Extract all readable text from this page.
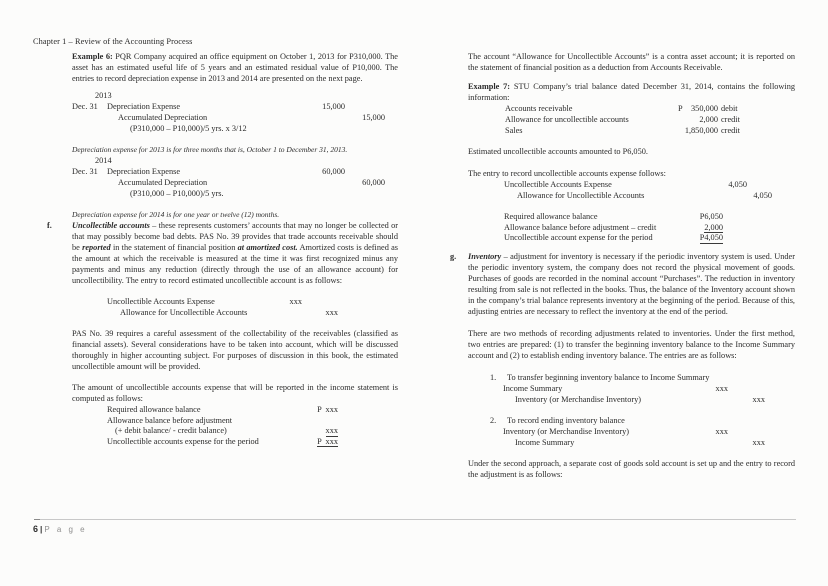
Chapter 1 – Review of the Accounting Process

Example 6: PQR Company acquired an office equipment on October 1, 2013 for P310,000. The asset has an estimated useful life of 5 years and an estimated residual value of P10,000. The entries to record depreciation expense in 2013 and 2014 are presented on the next page.

2013
Dec. 31 Depreciation Expense	15,000
Accumulated Depreciation	15,000
(P310,000 – P10,000)/5 yrs. x 3/12

Depreciation expense for 2013 is for three months that is, October 1 to December 31, 2013.

2014
Dec. 31 Depreciation Expense	60,000
Accumulated Depreciation	60,000
(P310,000 – P10,000)/5 yrs.

Depreciation expense for 2014 is for one year or twelve (12) months.

f. Uncollectible accounts – these represents customers’ accounts that may no longer be collected or that may possibly become bad debts. PAS No. 39 provides that trade accounts receivable should be reported in the statement of financial position at amortized cost. Amortized costs is defined as the amount at which the receivable is measured at the time it was first recognized minus any payments and minus any reduction (directly through the use of an allowance account) for uncollectibility. The entry to record estimated uncollectible account is as follows:

Uncollectible Accounts Expense	xxx
Allowance for Uncollectible Accounts	xxx

PAS No. 39 requires a careful assessment of the collectability of the receivables (classified as financial assets). Several considerations have to be taken into account, which will be discussed thoroughly in higher accounting subject. For purposes of discussion in this book, the estimated uncollectible amount will be provided.

The amount of uncollectible accounts expense that will be reported in the income statement is computed as follows:

Required allowance balance	P  xxx
Allowance balance before adjustment
(+ debit balance/ - credit balance)	xxx
Uncollectible accounts expense for the period	P  xxx

The account “Allowance for Uncollectible Accounts” is a contra asset account; it is reported on the statement of financial position as a deduction from Accounts Receivable.

Example 7: STU Company’s trial balance dated December 31, 2014, contains the following information:

Accounts receivable	P	350,000 debit
Allowance for uncollectible accounts	2,000 credit
Sales	1,850,000 credit

Estimated uncollectible accounts amounted to P6,050.

The entry to record uncollectible accounts expense follows:

Uncollectible Accounts Expense	4,050
Allowance for Uncollectible Accounts	4,050
Required allowance balance	P6,050
Allowance balance before adjustment – credit	2,000
Uncollectible account expense for the period	P4,050
g. Inventory – adjustment for inventory is necessary if the periodic inventory system is used. Under the periodic inventory system, the company does not record the physical movement of goods. Purchases of goods are recorded in the nominal account “Purchases”. The reduction in inventory resulting from sale is not reflected in the books. Thus, the balance of the Inventory account shown in the company’s trial balance represents inventory at the beginning of the period. Because of this, adjusting entries are necessary to reflect the inventory at the end of the period.

There are two methods of recording adjustments related to inventories. Under the first method, two entries are prepared: (1) to transfer the beginning inventory balance to the Income Summary account and (2) to establish ending inventory balance. The entries are as follows:

1. To transfer beginning inventory balance to Income Summary
Income Summary	xxx
Inventory (or Merchandise Inventory)	xxx
2. To record ending inventory balance
Inventory (or Merchandise Inventory)	xxx
Income Summary	xxx

Under the second approach, a separate cost of goods sold account is set up and the entry to record the adjustment is as follows:

6 | P a g e
